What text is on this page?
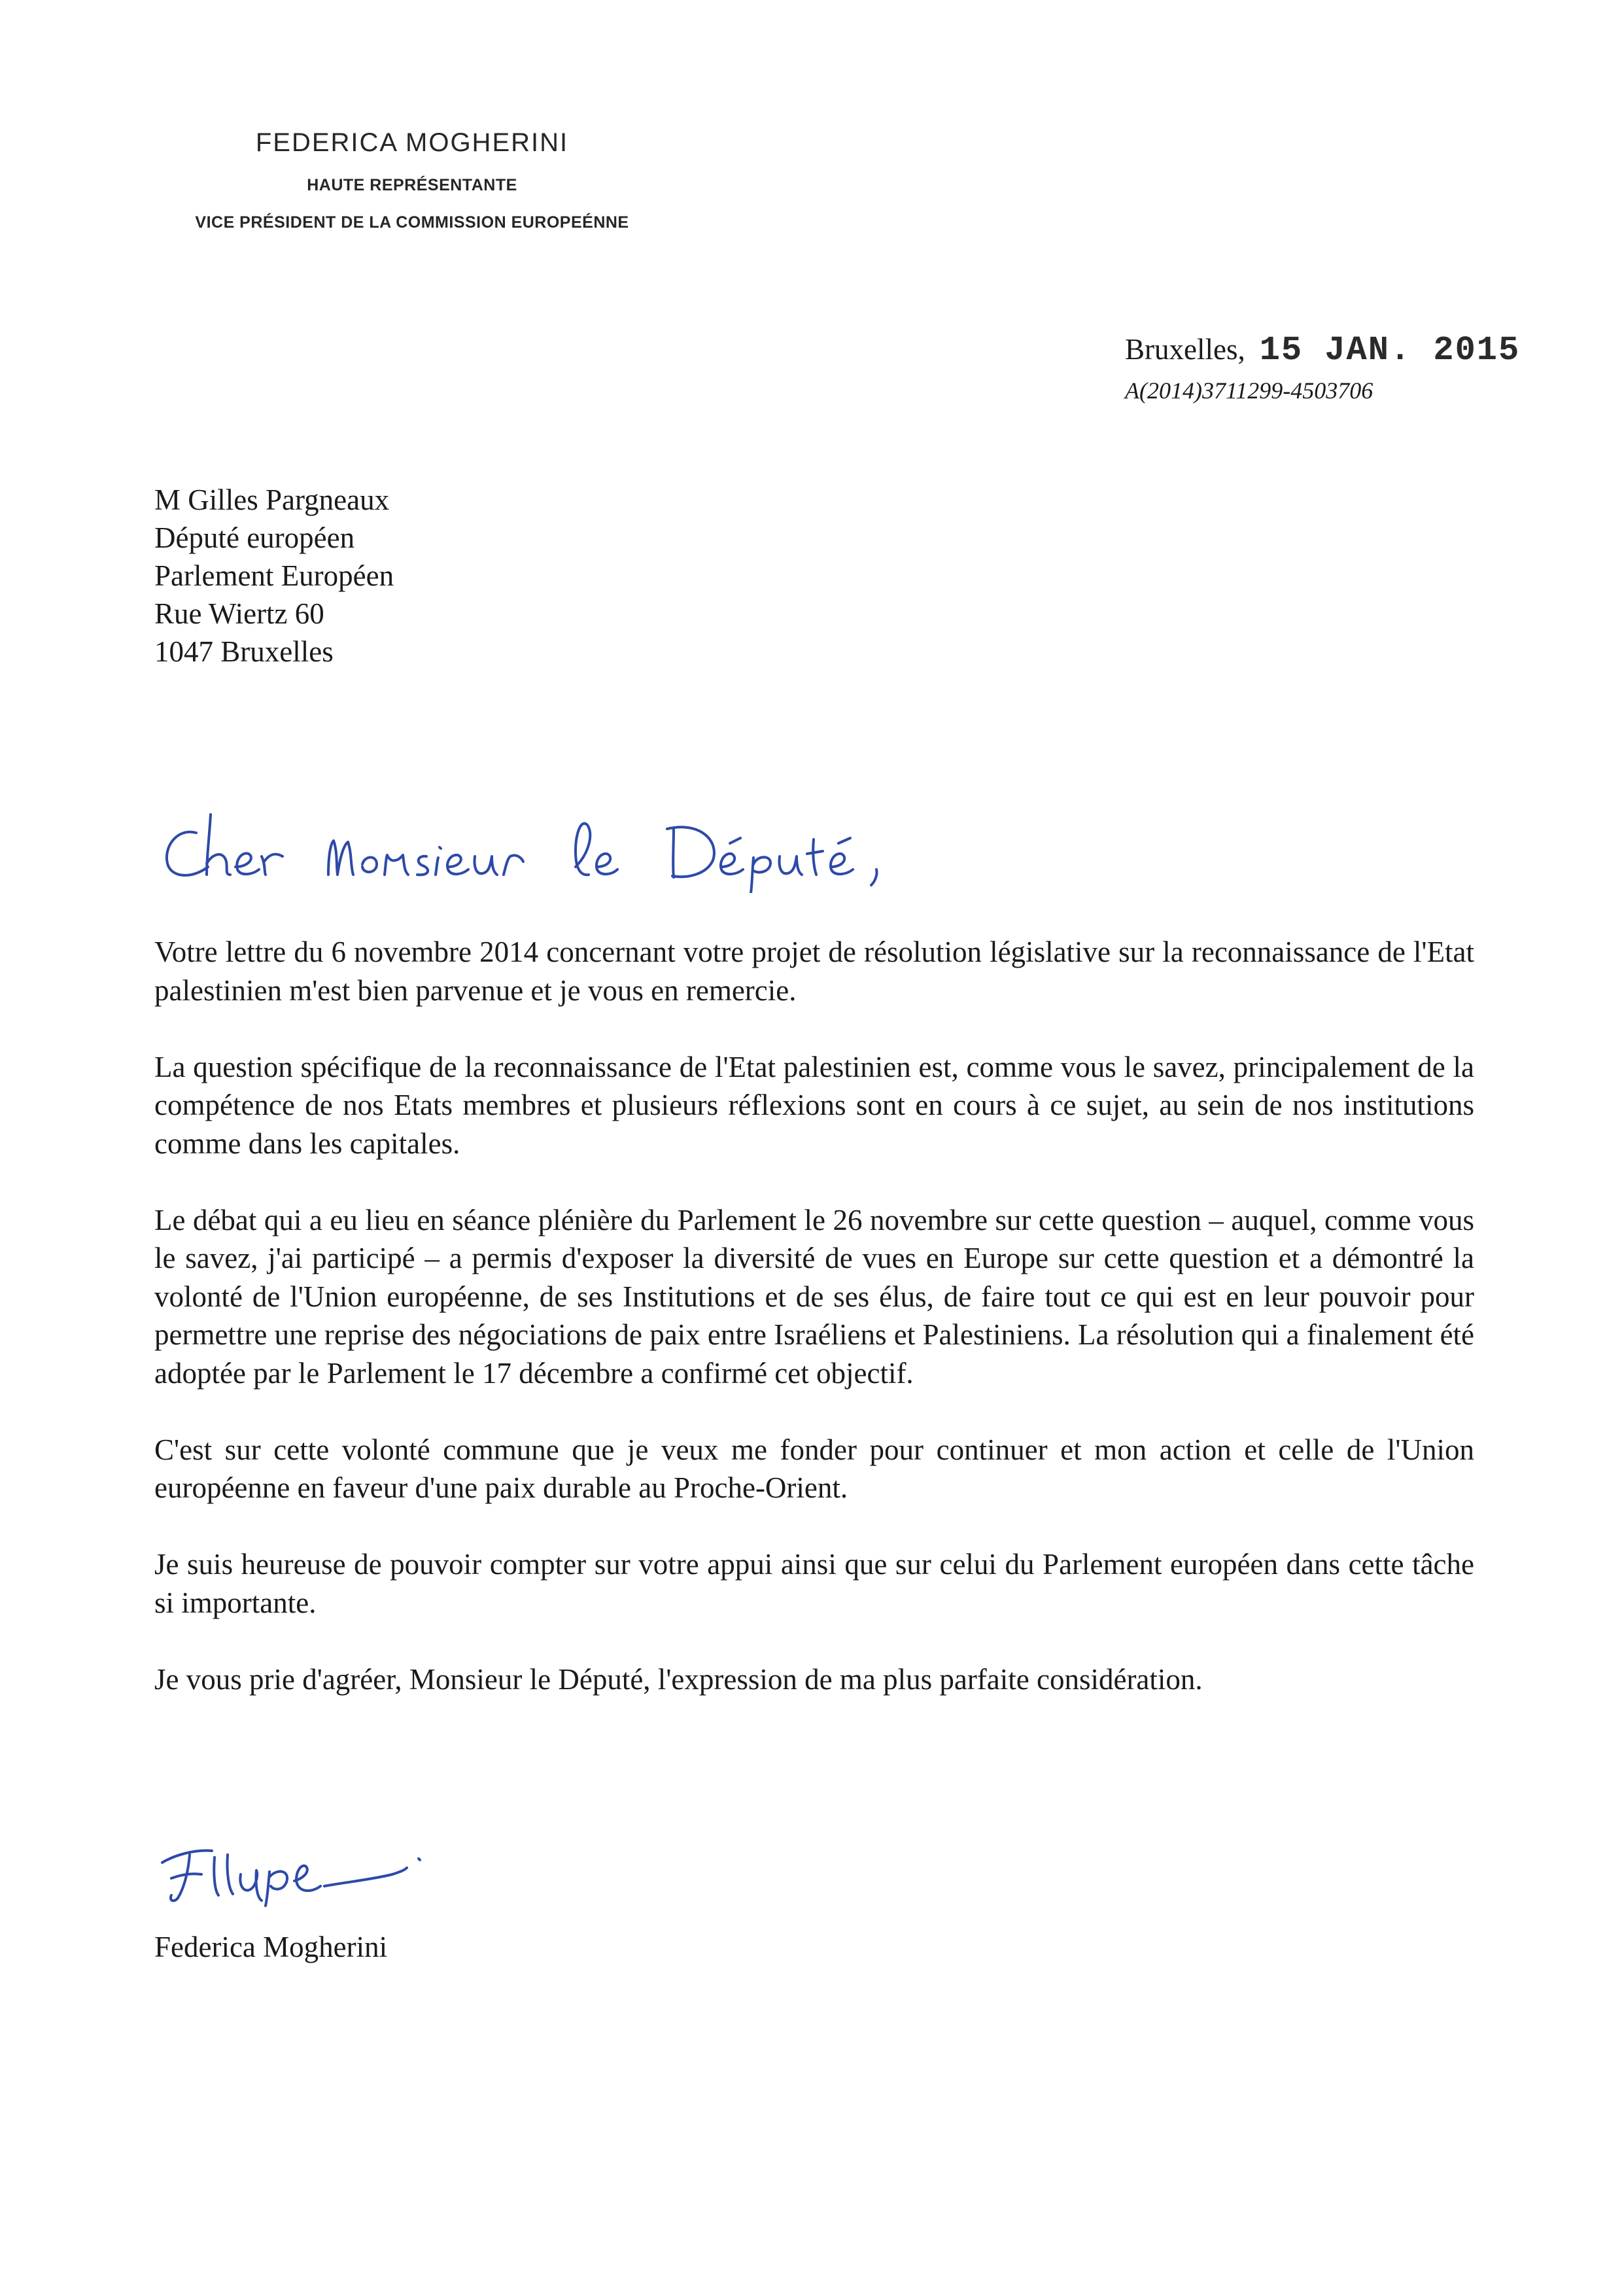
FEDERICA MOGHERINI
HAUTE REPRÉSENTANTE
VICE PRÉSIDENT DE LA COMMISSION EUROPEÉNNE
Bruxelles, 15 JAN. 2015
A(2014)3711299-4503706
M Gilles Pargneaux
Député européen
Parlement Européen
Rue Wiertz 60
1047 Bruxelles

Votre lettre du 6 novembre 2014 concernant votre projet de résolution législative sur la reconnaissance de l'Etat palestinien m'est bien parvenue et je vous en remercie.

La question spécifique de la reconnaissance de l'Etat palestinien est, comme vous le savez, principalement de la compétence de nos Etats membres et plusieurs réflexions sont en cours à ce sujet, au sein de nos institutions comme dans les capitales.

Le débat qui a eu lieu en séance plénière du Parlement le 26 novembre sur cette question – auquel, comme vous le savez, j'ai participé – a permis d'exposer la diversité de vues en Europe sur cette question et a démontré la volonté de l'Union européenne, de ses Institutions et de ses élus, de faire tout ce qui est en leur pouvoir pour permettre une reprise des négociations de paix entre Israéliens et Palestiniens. La résolution qui a finalement été adoptée par le Parlement le 17 décembre a confirmé cet objectif.

C'est sur cette volonté commune que je veux me fonder pour continuer et mon action et celle de l'Union européenne en faveur d'une paix durable au Proche-Orient.

Je suis heureuse de pouvoir compter sur votre appui ainsi que sur celui du Parlement européen dans cette tâche si importante.

Je vous prie d'agréer, Monsieur le Député, l'expression de ma plus parfaite considération.

Federica Mogherini
